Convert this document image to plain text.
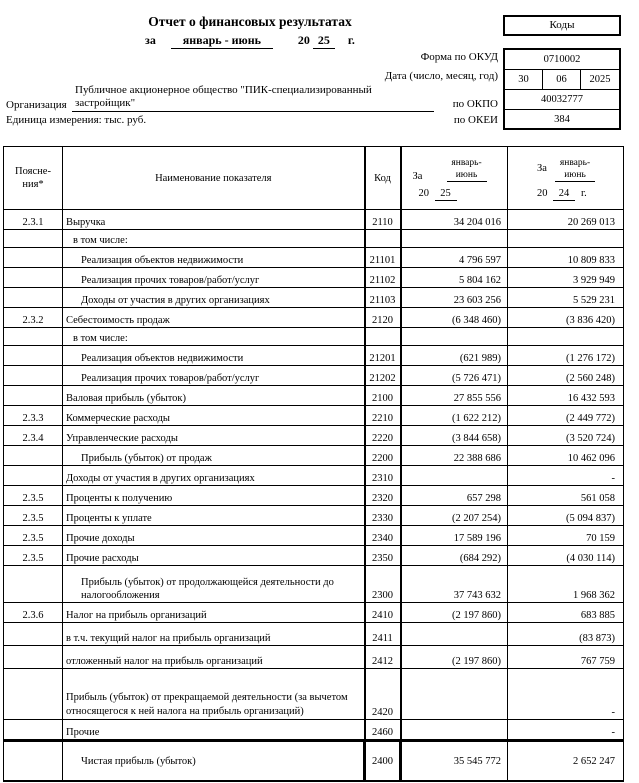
Отчет о финансовых результатах
за январь - июнь	20 25 г.
Коды
Форма по ОКУД
Дата (число, месяц, год)
Публичное акционерное общество "ПИК-специализированный
Организация застройщик"	по ОКПО
Единица измерения: тыс. руб.	по ОКЕИ
0710002
30	06	2025
40032777
384
Поясне-ния*	Наименование показателя	Код	За
январь-июнь
20 25	За январь-июнь
20 24 г.

2.3.1	Выручка	2110	34 204 016	20 269 013
	в том числе:			
	Реализация объектов недвижимости	21101	4 796 597	10 809 833
	Реализация прочих товаров/работ/услуг	21102	5 804 162	3 929 949
	Доходы от участия в других организациях	21103	23 603 256	5 529 231
2.3.2	Себестоимость продаж	2120	(6 348 460)	(3 836 420)
	в том числе:			
	Реализация объектов недвижимости	21201	(621 989)	(1 276 172)
	Реализация прочих товаров/работ/услуг	21202	(5 726 471)	(2 560 248)
	Валовая прибыль (убыток)	2100	27 855 556	16 432 593
2.3.3	Коммерческие расходы	2210	(1 622 212)	(2 449 772)
2.3.4	Управленческие расходы	2220	(3 844 658)	(3 520 724)
	Прибыль (убыток) от продаж	2200	22 388 686	10 462 096
	Доходы от участия в других организациях	2310		-
2.3.5	Проценты к получению	2320	657 298	561 058
2.3.5	Проценты к уплате	2330	(2 207 254)	(5 094 837)
2.3.5	Прочие доходы	2340	17 589 196	70 159
2.3.5	Прочие расходы	2350	(684 292)	(4 030 114)
	Прибыль (убыток) от продолжающейся деятельности до налогообложения	2300	37 743 632	1 968 362
2.3.6	Налог на прибыль организаций	2410	(2 197 860)	683 885
	в т.ч. текущий налог на прибыль организаций	2411		(83 873)
	отложенный налог на прибыль организаций	2412	(2 197 860)	767 759
	Прибыль (убыток) от прекращаемой деятельности (за вычетом относящегося к ней налога на прибыль организаций)	2420		-
	Прочие	2460		-
	Чистая прибыль (убыток)	2400	35 545 772	2 652 247
